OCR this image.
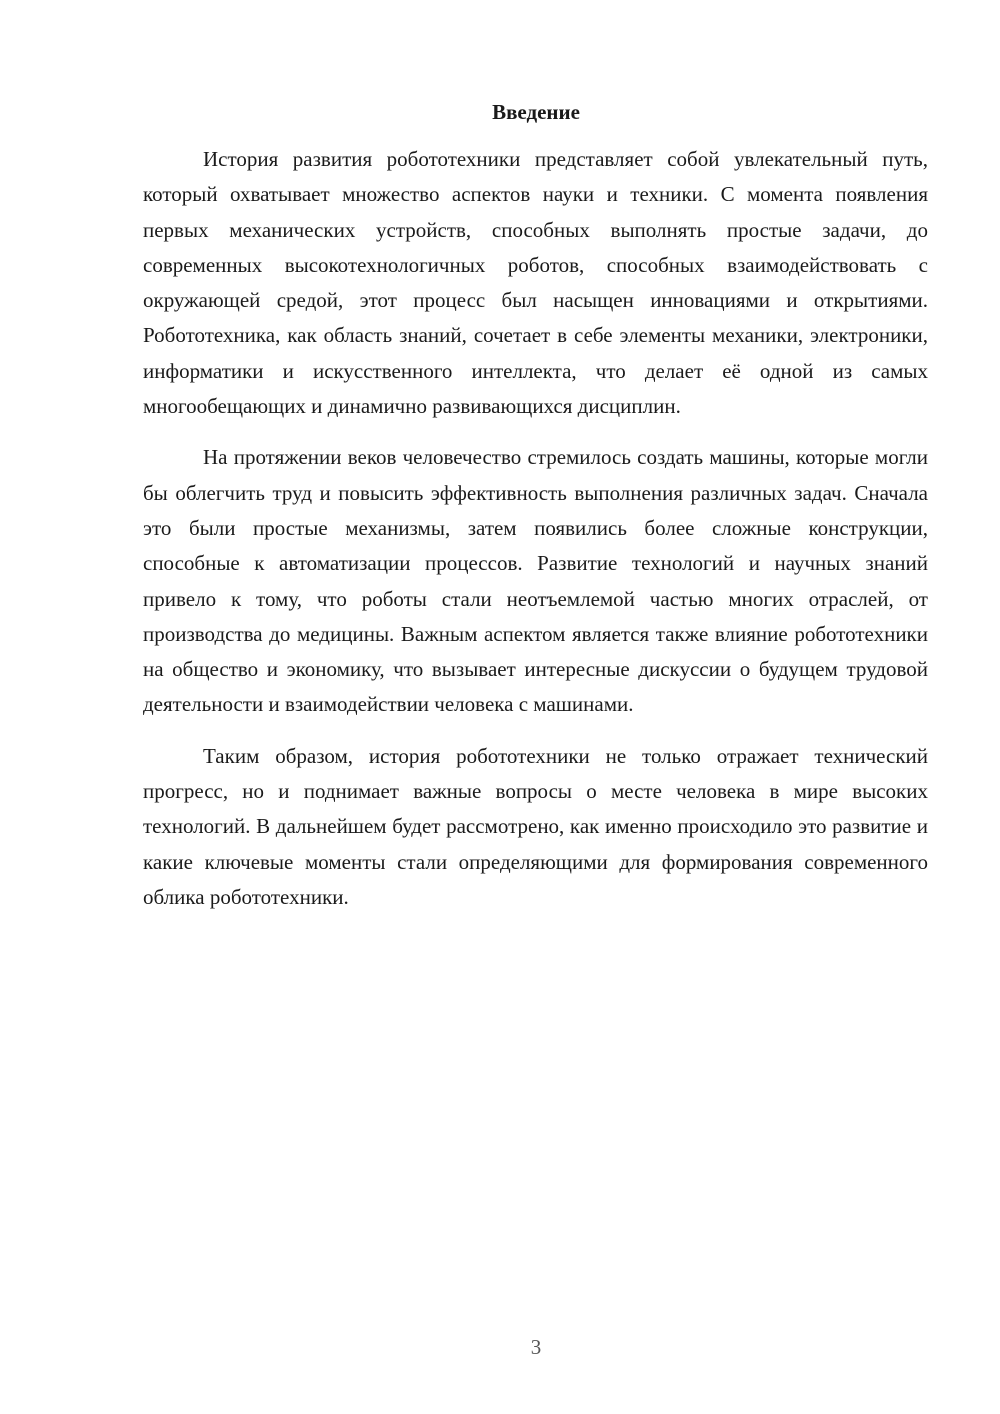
Введение

История развития робототехники представляет собой увлекательный путь, который охватывает множество аспектов науки и техники. С момента появления первых механических устройств, способных выполнять простые задачи, до современных высокотехнологичных роботов, способных взаимодействовать с окружающей средой, этот процесс был насыщен инновациями и открытиями. Робототехника, как область знаний, сочетает в себе элементы механики, электроники, информатики и искусственного интеллекта, что делает её одной из самых многообещающих и динамично развивающихся дисциплин.

На протяжении веков человечество стремилось создать машины, которые могли бы облегчить труд и повысить эффективность выполнения различных задач. Сначала это были простые механизмы, затем появились более сложные конструкции, способные к автоматизации процессов. Развитие технологий и научных знаний привело к тому, что роботы стали неотъемлемой частью многих отраслей, от производства до медицины. Важным аспектом является также влияние робототехники на общество и экономику, что вызывает интересные дискуссии о будущем трудовой деятельности и взаимодействии человека с машинами.

Таким образом, история робототехники не только отражает технический прогресс, но и поднимает важные вопросы о месте человека в мире высоких технологий. В дальнейшем будет рассмотрено, как именно происходило это развитие и какие ключевые моменты стали определяющими для формирования современного облика робототехники.

3
